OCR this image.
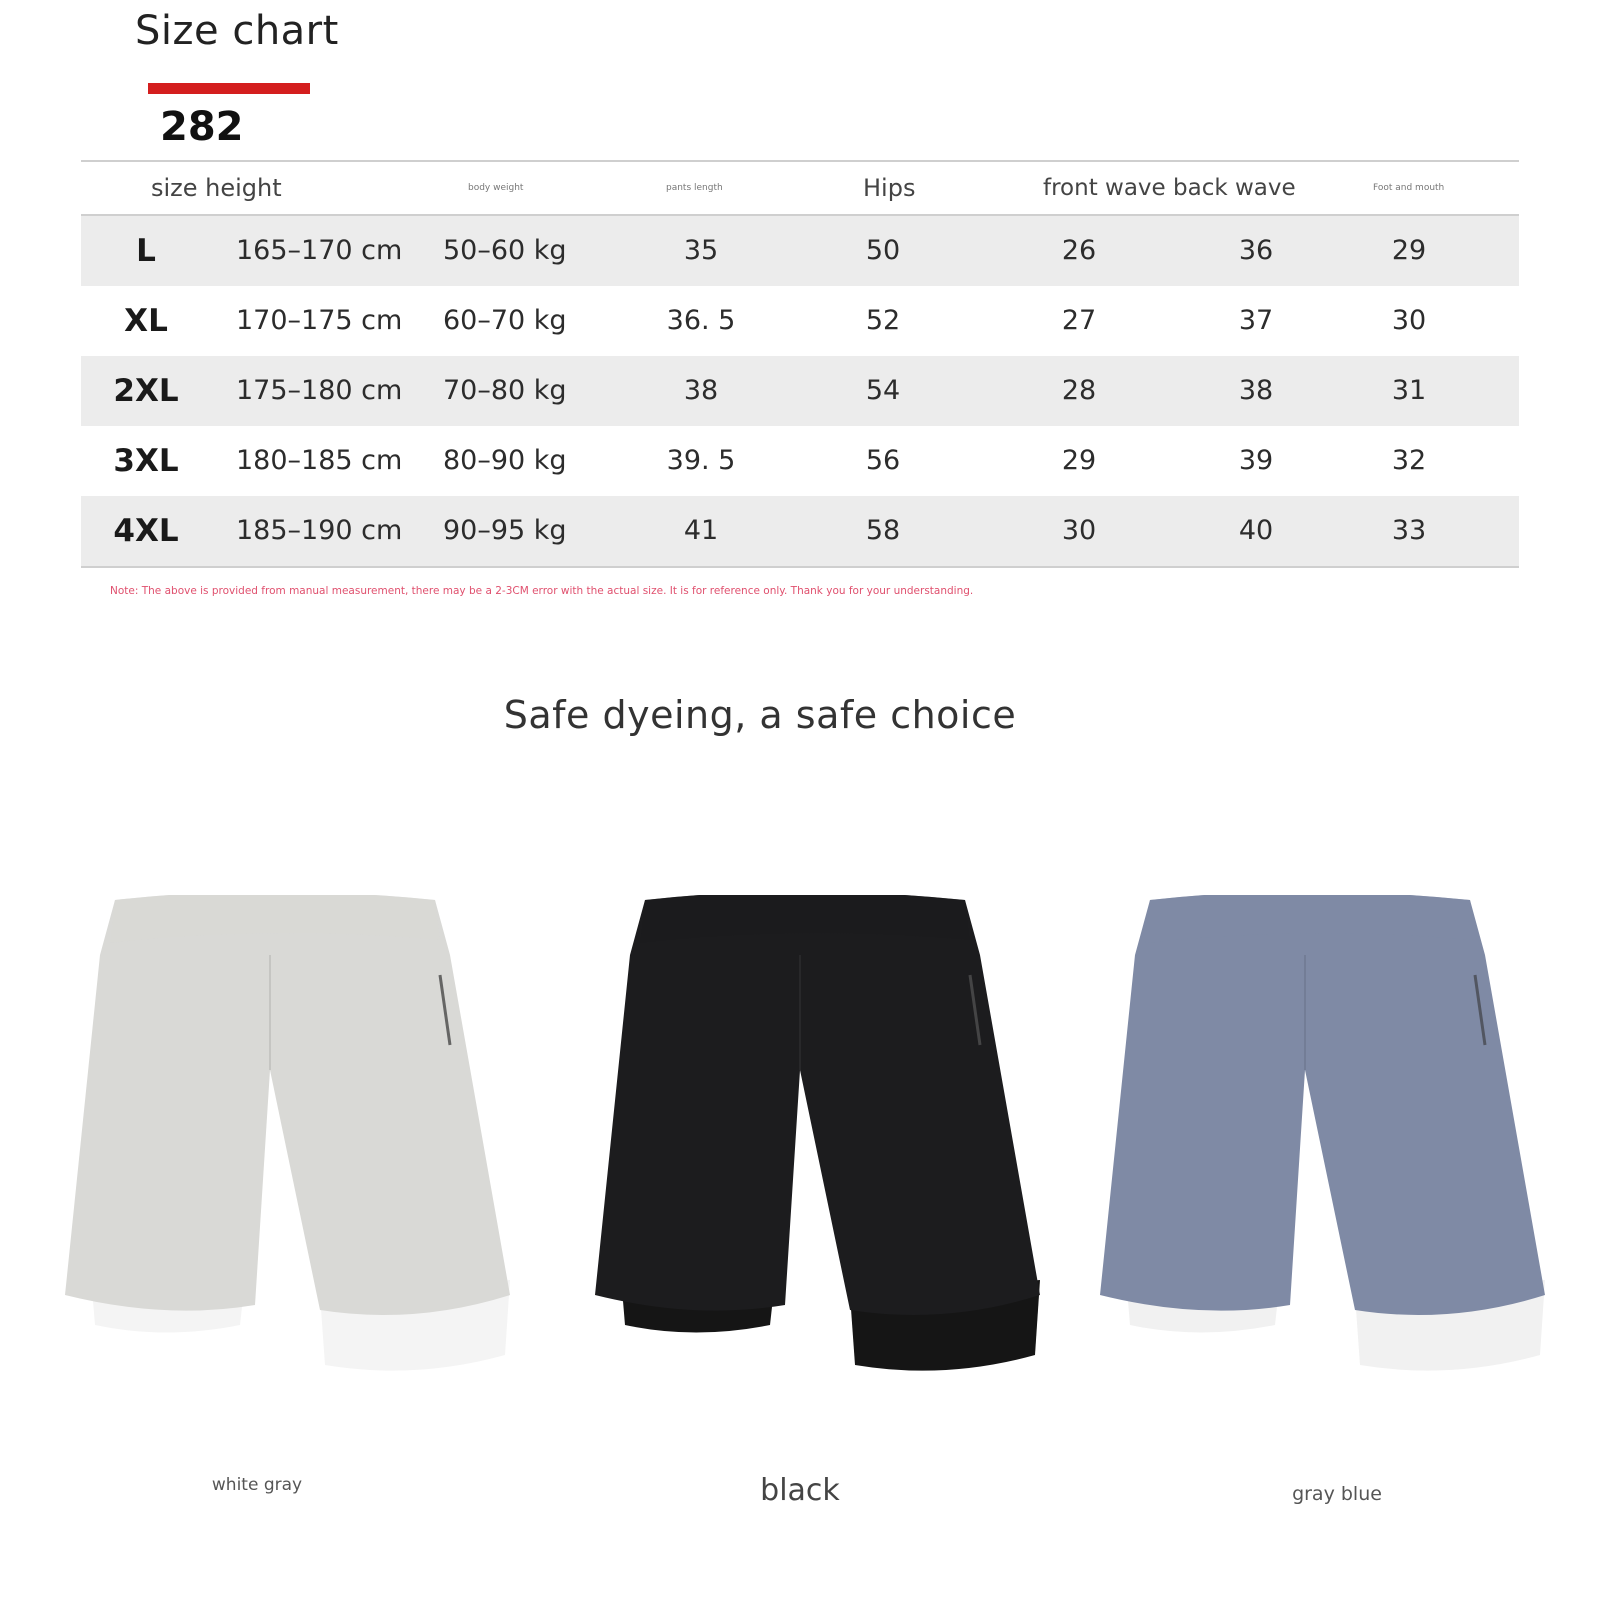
Size chart
282
size height	body weight	pants length	Hips	front wave back wave	Foot and mouth
L	165–170 cm 50–60 kg	35	50	26	36	29
XL	170–175 cm 60–70 kg	36. 5	52	27	37	30
2XL 175–180 cm 70–80 kg	38	54	28	38	31
3XL 180–185 cm 80–90 kg	39. 5	56	29	39	32
4XL 185–190 cm 90–95 kg	41	58	30	40	33
Note: The above is provided from manual measurement, there may be a 2-3CM error with the actual size. It is for reference only. Thank you for your understanding.
Safe dyeing, a safe choice
white gray	black	gray blue
